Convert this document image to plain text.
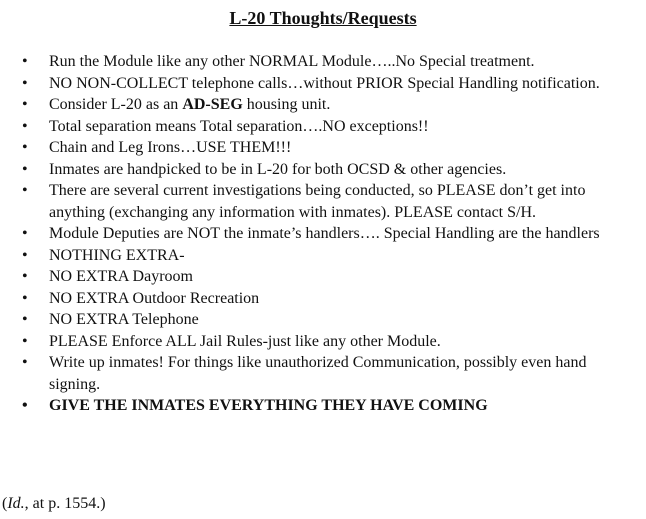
L-20 Thoughts/Requests
• Run the Module like any other NORMAL Module…..No Special treatment.
• NO NON-COLLECT telephone calls…without PRIOR Special Handling notification.
• Consider L-20 as an AD-SEG housing unit.
• Total separation means Total separation….NO exceptions!!
• Chain and Leg Irons…USE THEM!!!
• Inmates are handpicked to be in L-20 for both OCSD & other agencies.
• There are several current investigations being conducted, so PLEASE don’t get into anything (exchanging any information with inmates). PLEASE contact S/H.
• Module Deputies are NOT the inmate’s handlers…. Special Handling are the handlers
• NOTHING EXTRA-
• NO EXTRA Dayroom
• NO EXTRA Outdoor Recreation
• NO EXTRA Telephone
• PLEASE Enforce ALL Jail Rules-just like any other Module.
• Write up inmates! For things like unauthorized Communication, possibly even hand signing.
• GIVE THE INMATES EVERYTHING THEY HAVE COMING

(Id., at p. 1554.)
